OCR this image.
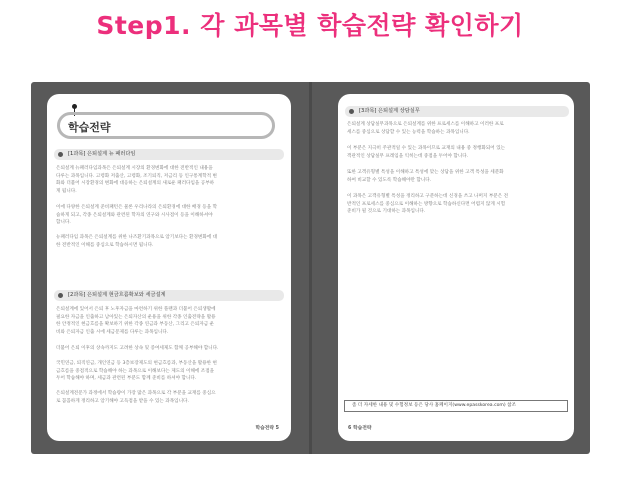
Step1. 각 과목별 학습전략 확인하기
학습전략
[1과목] 은퇴설계 뉴 패러다임
은퇴설계 뉴패러다임과목은 은퇴설계 시장의 환경변화에 대한 전반적인 내용을
다루는 과목입니다. 고령화 저출산, 고령화, 조기퇴직, 저금리 등 인구통계학적 변
화와 더불어 시장환경의 변화에 대응하는 은퇴설계의 새로운 패러다임을 공부하
게 됩니다.
이에 다양한 은퇴설계 준비패턴은 물론 우리나라의 은퇴환경에 대한 배경 등을 학
습하게 되고, 각종 은퇴설계와 관련된 학자의 연구와 시사점이 등을 이해하셔야
합니다.
뉴패러다임 과목은 은퇴설계를 위한 나즈환기과목으로 암기보다는 환경변화에 대
한 전반적인 이해를 중심으로 학습하시면 됩니다.
[2과목] 은퇴설계 현금흐름확보와 세금설계
은퇴설계에 있어서 은퇴 후 노후자금을 마련하기 위한 플랜과 더불어 은퇴생활에
필요한 자금을 인출하고 남아있는 은퇴자산의 운용을 위한 각종 인출전략을 활용
한 안정적인 현금흐름을 확보하기 위한 각종 연금과 부동산, 그리고 은퇴자금 운
비와 은퇴자금 인출 시에 세금문제를 다루는 과목입니다.
더불어 은퇴 이후의 상속까지도 고려한 상속 및 증여세제도 함께 공부해야 합니다.
국민연금, 퇴직연금, 개인연금 등 3층보장제도의 현금흐름과, 부동산을 활용한 현
금흐름을 중점적으로 학습해야 하는 과목으로 이해보다는 제도의 이해에 조점을
두어 학습해야 하며, 세금과 관련된 부분도 함께 준비를 하셔야 합니다.
은퇴설계전문가 과정에서 학습량이 가장 많은 과목으로 각 부분을 교재를 중심으
로 꼼꼼하게 정리하고 암기해야 고득점을 받을 수 있는 과목입니다.
학습전략 5
[3과목] 은퇴설계 상담실무
은퇴설계 상담실무과목으로 은퇴설계를 위한 프로세스를 이해하고 이러한 프로
세스를 중심으로 상담할 수 있는 능력을 학습하는 과목입니다.
이 부분은 지극히 주관적일 수 있는 과목이므로 교재의 내용 중 정행화되어 있는
객관적인 상담실무 프레임을 익히는데 중점을 두어야 합니다.
또한 고객유형별 특성을 이해하고 특성에 맞는 상담을 위한 고객 특성을 세분화
하여 비교할 수 있도록 학습해야만 합니다.
이 과목은 고객유형별 특성을 정리하고 구분하는데 신경을 쓰고 나머지 부분은 전
반적인 프로세스를 중심으로 이해하는 방향으로 학습하신다면 어렵지 않게 시험
준비가 될 것으로 기대하는 과목입니다.
좀 더 자세한 내용 및 수험정보 등은 당사 홈페이지(www.epasskorea.com) 참조
6 학습전략
